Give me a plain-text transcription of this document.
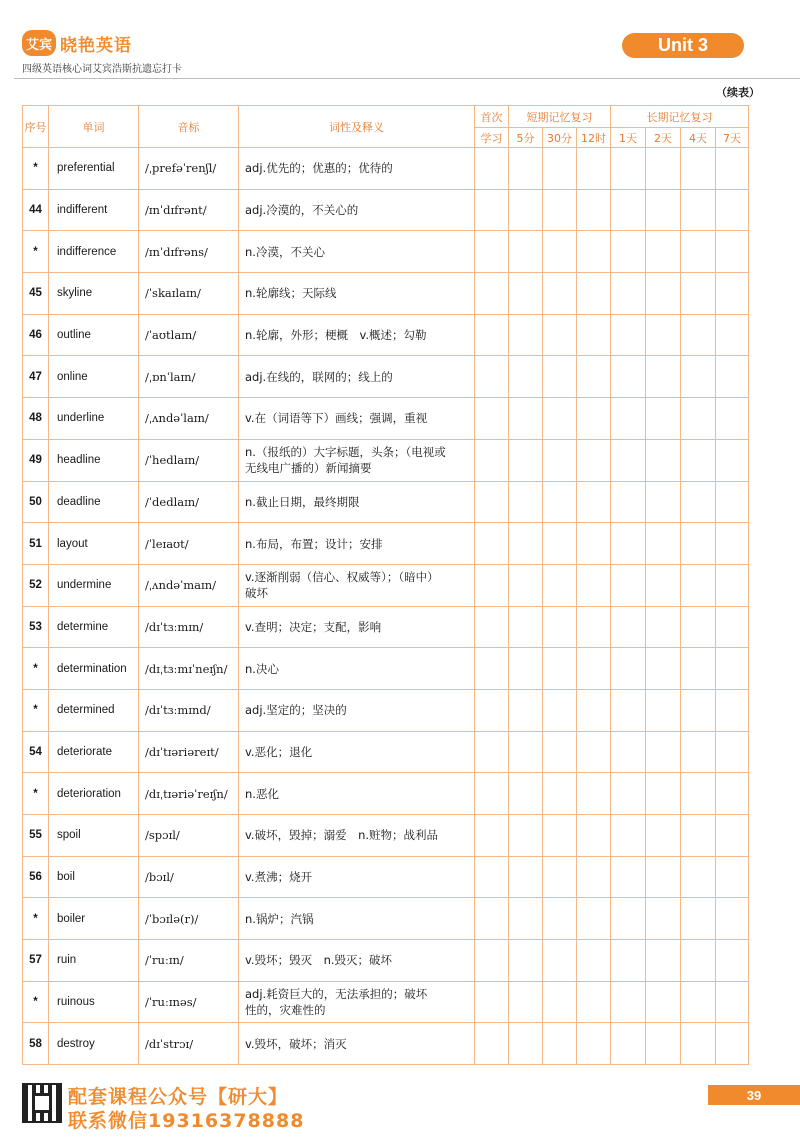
艾宾 晓艳英语
四级英语核心词艾宾浩斯抗遗忘打卡
Unit 3
（续表）
序号	单词	音标	词性及释义	首次	短期记忆复习			长期记忆复习			
				学习	5分	30分	12时	1天	2天	4天	7天
*	preferential	/ˌprefəˈrenʃl/	adj.优先的；优惠的；优待的								
44	indifferent	/ɪnˈdɪfrənt/	adj.冷漠的，不关心的								
*	indifference	/ɪnˈdɪfrəns/	n.冷漠，不关心								
45	skyline	/ˈskaɪlaɪn/	n.轮廓线；天际线								
46	outline	/ˈaʊtlaɪn/	n.轮廓，外形；梗概　v.概述；勾勒								
47	online	/ˌɒnˈlaɪn/	adj.在线的，联网的；线上的								
48	underline	/ˌʌndəˈlaɪn/	v.在（词语等下）画线；强调，重视								
49	headline	/ˈhedlaɪn/	n.（报纸的）大字标题，头条；（电视或
无线电广播的）新闻摘要								
50	deadline	/ˈdedlaɪn/	n.截止日期，最终期限								
51	layout	/ˈleɪaʊt/	n.布局，布置；设计；安排								
52	undermine	/ˌʌndəˈmaɪn/	v.逐渐削弱（信心、权威等）；（暗中）
破坏								
53	determine	/dɪˈtɜːmɪn/	v.查明；决定；支配，影响								
*	determination	/dɪˌtɜːmɪˈneɪʃn/	n.决心								
*	determined	/dɪˈtɜːmɪnd/	adj.坚定的；坚决的								
54	deteriorate	/dɪˈtɪəriəreɪt/	v.恶化；退化								
*	deterioration	/dɪˌtɪəriəˈreɪʃn/	n.恶化								
55	spoil	/spɔɪl/	v.破坏，毁掉；溺爱　n.赃物；战利品								
56	boil	/bɔɪl/	v.煮沸；烧开								
*	boiler	/ˈbɔɪlə(r)/	n.锅炉；汽锅								
57	ruin	/ˈruːɪn/	v.毁坏；毁灭　n.毁灭；破坏								
*	ruinous	/ˈruːɪnəs/	adj.耗资巨大的，无法承担的；破坏
性的，灾难性的								
58	destroy	/dɪˈstrɔɪ/	v.毁坏，破坏；消灭								
配套课程公众号【研大】
联系微信19316378888
39
